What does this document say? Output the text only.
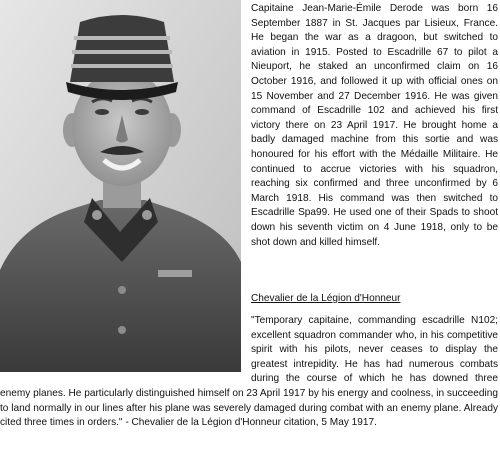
Capitaine Jean-Marie-Émile Derode was born 16 September 1887 in St. Jacques par Lisieux, France. He began the war as a dragoon, but switched to aviation in 1915. Posted to Escadrille 67 to pilot a Nieuport, he staked an unconfirmed claim on 16 October 1916, and followed it up with official ones on 15 November and 27 December 1916. He was given command of Escadrille 102 and achieved his first victory there on 23 April 1917. He brought home a badly damaged machine from this sortie and was honoured for his effort with the Médaille Militaire. He continued to accrue victories with his squadron, reaching six confirmed and three unconfirmed by 6 March 1918. His command was then switched to Escadrille Spa99. He used one of their Spads to shoot down his seventh victim on 4 June 1918, only to be shot down and killed himself.

Chevalier de la Légion d'Honneur

"Temporary capitaine, commanding escadrille N102; excellent squadron commander who, in his competitive spirit with his pilots, never ceases to display the greatest intrepidity. He has had numerous combats during the course of which he has downed three enemy planes. He particularly distinguished himself on 23 April 1917 by his energy and coolness, in succeeding to land normally in our lines after his plane was severely damaged during combat with an enemy plane. Already cited three times in orders." - Chevalier de la Légion d'Honneur citation, 5 May 1917.
